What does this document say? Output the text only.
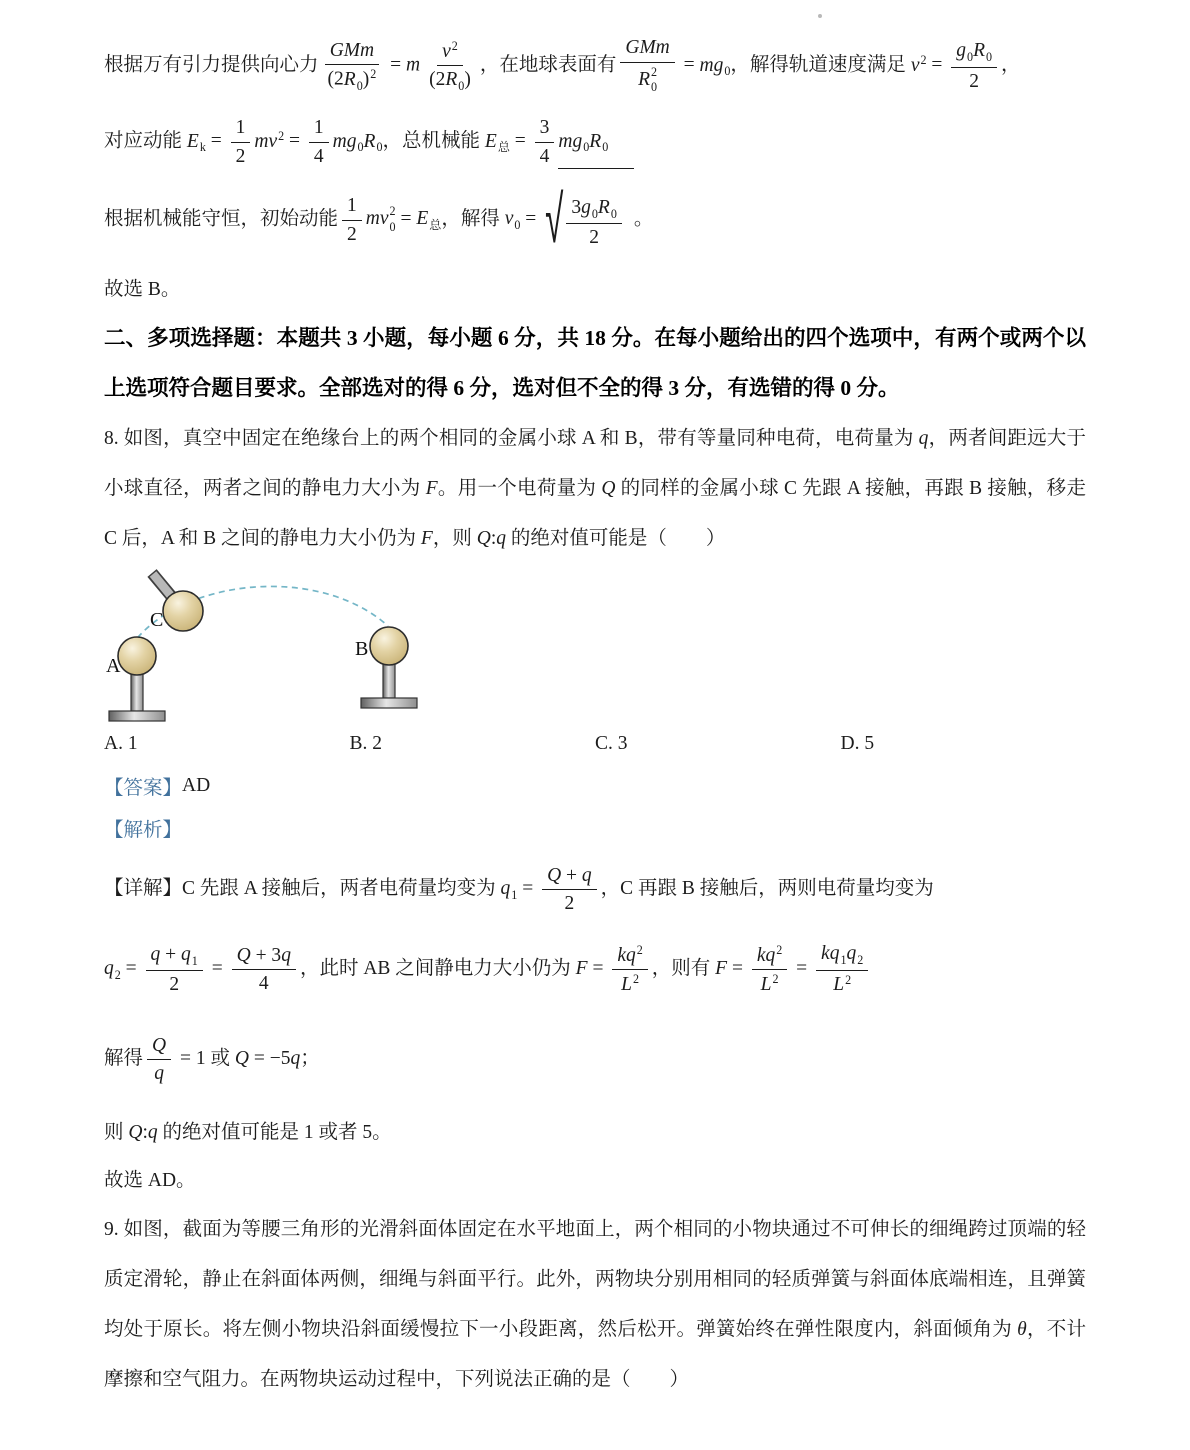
根据万有引力提供向心力 $\frac{\text{GMm}}{(2R_0)^2} = m \frac{v^2}{(2R_0)}$ ，在地球表面有 GMm
R 2
$0 = mg_0$，解得轨道速度满足 $v^2 = \frac{g_0R_0}{2}$ ，
对应动能 $E_k = \frac{1}{2} mv^2 = \frac{1}{4} mg_0R_0$，总机械能 $E_总 = \frac{3}{4} mg_0R_0$
根据机械能守恒，初始动能 $\frac{1}{2}$ mv 2
$0 = E_总$，解得 $v_0$ = √ $\frac{3g_0R_0}{2}$ 。
故选 B。
二、多项选择题：本题共 3 小题，每小题 6 分，共 18 分。在每小题给出的四个选项中，有两个或两个以上选项符合题目要求。全部选对的得 6 分，选对但不全的得 3 分，有选错的得 0 分。
8. 如图，真空中固定在绝缘台上的两个相同的金属小球 A 和 B，带有等量同种电荷，电荷量为 q，两者间距远大于小球直径，两者之间的静电力大小为 F。用一个电荷量为 Q 的同样的金属小球 C 先跟 A 接触，再跟 B 接触，移走 C 后，A 和 B 之间的静电力大小仍为 F，则 Q:q 的绝对值可能是（　　）
A
C
B
A. 1	B. 2	C. 3	D. 5
【答案】 AD
【解析】
【详解】C 先跟 A 接触后，两者电荷量均变为 $q_1 = \frac{Q + q}{2}$ ，C 再跟 B 接触后，两则电荷量均变为
$q_2 = \frac{q + q_1}{2} = \frac{Q + 3q}{4}$ ，此时 AB 之间静电力大小仍为 $F = \frac{kq^2}{L^2}$ ，则有 $F = \frac{kq^2}{L^2} = \frac{kq_1q_2}{L^2}$
解得 $\frac{Q}{q} = 1$ 或 Q = −5q；
则 Q:q 的绝对值可能是 1 或者 5。
故选 AD。
9. 如图，截面为等腰三角形的光滑斜面体固定在水平地面上，两个相同的小物块通过不可伸长的细绳跨过顶端的轻质定滑轮，静止在斜面体两侧，细绳与斜面平行。此外，两物块分别用相同的轻质弹簧与斜面体底端相连，且弹簧均处于原长。将左侧小物块沿斜面缓慢拉下一小段距离，然后松开。弹簧始终在弹性限度内，斜面倾角为 θ，不计摩擦和空气阻力。在两物块运动过程中，下列说法正确的是（　　）
